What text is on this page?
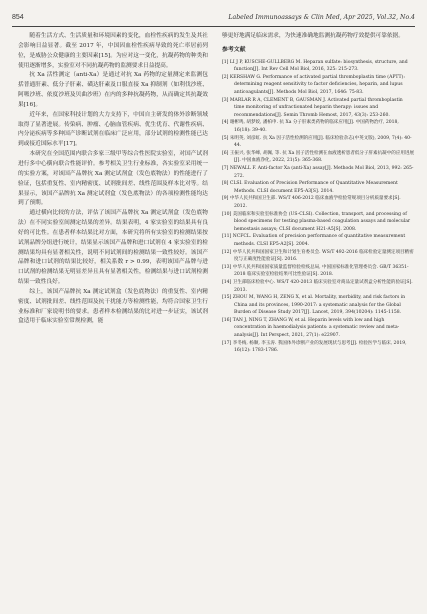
854	Labeled Immunoassays & Clin Med, Apr 2025, Vol.32, No.4

随着生活方式、生活质量和环境因素的变化，血栓性疾病的发生及其社会影响日益显著。截至 2017 年，中国因血栓性疾病导致的死亡率居前列位，是威胁公众健康的主要因素[15]。为应对这一变化，抗凝药物的种类和使用逐渐增多，实验室对不同抗凝药物的监测要求日益提高。

抗 Xa 活性测定（anti-Xa）是通过对抗 Xa 药物的定量测定来监测包括普通肝素、低分子肝素、磺达肝素及口服直接 Xa 抑制剂（如利伐沙班、阿哌沙班、依度沙班及贝曲沙班）在内的多种抗凝药物，从而确定其抗凝效果[16]。

近年来，在国家科技计划的大力支持下，中国自主研发的体外诊断领域取得了显著进展。传染病、肿瘤、心脑血管疾病、优生优育、代谢性疾病、内分泌疾病等多种国产诊断试剂在临床广泛应用，部分试剂的检测性能已达到或接近国际水平[17]。

本研究在全国范围内联合多家三级甲等综合性医院实验室，对国产试剂进行多中心横向联合性能评价。参考相关卫生行业标准，各实验室采用统一的实验方案，对该国产品牌抗 Xa 测定试剂盒（发色底物法）的性能进行了验证，包括重复性、室内精密度、试剂批间差、线性范围及样本比对等。结果显示，该国产品牌抗 Xa 测定试剂盒（发色底物法）的各项检测性能均达到了预期。

通过横向比较的方法，评估了该国产品牌抗 Xa 测定试剂盒（发色底物法）在不同实验室间测定结果的差异。结果表明，4 家实验室的结果具有良好的可比性。在患者样本结果比对方面，本研究将所有实验室的检测结果按试剂品牌分组进行统计，结果显示该国产品牌和进口试剂在 4 家实验室的检测结果均具有显著相关性，说明不同试剂间的检测结果一致性较好。该国产品牌和进口试剂的结果比较好，相关系数 r > 0.99，表明该国产品牌与进口试剂的检测结果无明显差异且具有显著相关性，检测结果与进口试剂检测结果一致性良好。

综上，该国产品牌抗 Xa 测定试剂盒（发色底物法）的重复性、室内精密度、试剂批间差、线性范围及抗干扰能力等检测性能，均符合国家卫生行业标准和厂家说明书的要求。患者样本检测结果的比对进一步证实，该试剂盒适用于临床实验室常规检测，能

够更好地满足临床需求，为快速准确地监测抗凝药物疗效提供可靠依据。

参考文献
[1] LI J P, KUSCHE-GULLBERG M. Heparan sulfate: biosynthesis, structure, and function[J]. Int Rev Cell Mol Biol, 2016, 325: 215-273.
[2] KERSHAW G. Performance of activated partial thromboplastin time (APTT): determining reagent sensitivity to factor deficiencies, heparin, and lupus anticoagulants[J]. Methods Mol Biol, 2017, 1646: 75-83.
[3] MARLAR R A, CLEMENT B, GAUSMAN J. Activated partial thromboplastin time monitoring of unfractionated heparin therapy: issues and recommendations[J]. Semin Thromb Hemost, 2017, 43(3): 253-260.
[4] 谢彬鸣, 胡梦姣, 潘柏申. 抗 Xa 分子肝素类药物的临床应用[J]. 中国药物治疗, 2018, 16(18): 39-40.
[5] 朱明英, 刘彦虹. 抗 Xa 因子活性检测的应用[J]. 临床检验杂志(中英文版), 2009, 7(4): 40-44.
[6] 王振兴, 张华峰, 胡佩, 等. 抗 Xa 因子活性检测在血液透析患者低分子肝素抗凝中的应用进展[J]. 中国血液净化, 2022, 21(5): 365-368.
[7] NEWALL F. Anti-factor Xa (anti-Xa) assay[J]. Methods Mol Biol, 2013, 992: 265-272.
[8] CLSI. Evaluation of Precision Performance of Quantitative Measurement Methods. CLSI document EP5-A3[S]. 2014.
[9] 中华人民共和国卫生部. WS/T 406-2012 临床血液学检验常规项目分析质量要求[S]. 2012.
[10] 美国临床和实验室标准协会 (US-CLSI). Collection, transport, and processing of blood specimens for testing plasma-based coagulation assays and molecular hemostasis assays; CLSI document H21-A5[S]. 2008.
[11] NCFCL. Evaluation of precision performance of quantitative measurement methods. CLSI EP5-A2[S]. 2004.
[12] 中华人民共和国国家卫生和计划生育委员会. WS/T 492-2016 临床检验定量测定项目精密度与正确度性能验证[S]. 2016.
[13] 中华人民共和国国家质量监督检验检疫总局, 中国国家标准化管理委员会. GB/T 36351-2018 临床实验室检验结果可比性验证[S]. 2018.
[14] 卫生部临床检验中心. WS/T 420-2013 临床实验室对商品定量试剂盒分析性能的验证[S]. 2013.
[15] ZHOU M, WANG H, ZENG X, et al. Mortality, morbidity, and risk factors in China and its provinces, 1990-2017: a systematic analysis for the Global Burden of Disease Study 2017[J]. Lancet, 2019, 394(10204): 1145-1158.
[16] TAN J, NING T, ZHANG W, et al. Heparin levels with low and high concentration in haemodialysis patients: a systematic review and meta-analysis[J]. Int Perspect, 2021, 27(1): e22907.
[17] 李冬梅, 杨顺, 李玉涛. 我国体外诊断产业的发展现状与思考[J]. 检验医学与临床, 2019, 16(12): 1783-1786.
